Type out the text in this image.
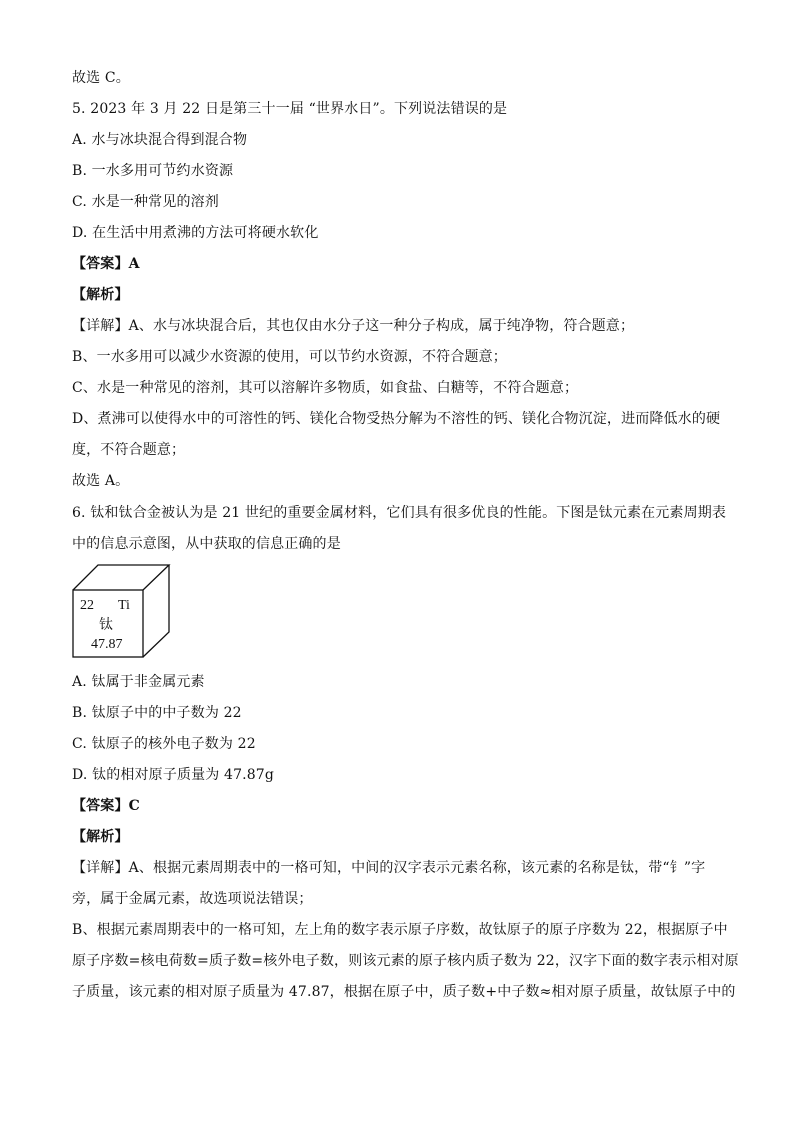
故选 C。
5. 2023 年 3 月 22 日是第三十一届 “世界水日”。下列说法错误的是
A. 水与冰块混合得到混合物
B. 一水多用可节约水资源
C. 水是一种常见的溶剂
D. 在生活中用煮沸的方法可将硬水软化
【答案】A
【解析】
【详解】A、水与冰块混合后，其也仅由水分子这一种分子构成，属于纯净物，符合题意；
B、一水多用可以减少水资源的使用，可以节约水资源，不符合题意；
C、水是一种常见的溶剂，其可以溶解许多物质，如食盐、白糖等，不符合题意；
D、煮沸可以使得水中的可溶性的钙、镁化合物受热分解为不溶性的钙、镁化合物沉淀，进而降低水的硬
度，不符合题意；
故选 A。
6. 钛和钛合金被认为是 21 世纪的重要金属材料，它们具有很多优良的性能。下图是钛元素在元素周期表
中的信息示意图，从中获取的信息正确的是
22 Ti
钛
47.87
A. 钛属于非金属元素
B. 钛原子中的中子数为 22
C. 钛原子的核外电子数为 22
D. 钛的相对原子质量为 47.87g
【答案】C
【解析】
【详解】A、根据元素周期表中的一格可知，中间的汉字表示元素名称，该元素的名称是钛，带“钅”字
旁，属于金属元素，故选项说法错误；
B、根据元素周期表中的一格可知，左上角的数字表示原子序数，故钛原子的原子序数为 22，根据原子中
原子序数=核电荷数=质子数=核外电子数，则该元素的原子核内质子数为 22，汉字下面的数字表示相对原
子质量，该元素的相对原子质量为 47.87，根据在原子中，质子数+中子数≈相对原子质量，故钛原子中的
